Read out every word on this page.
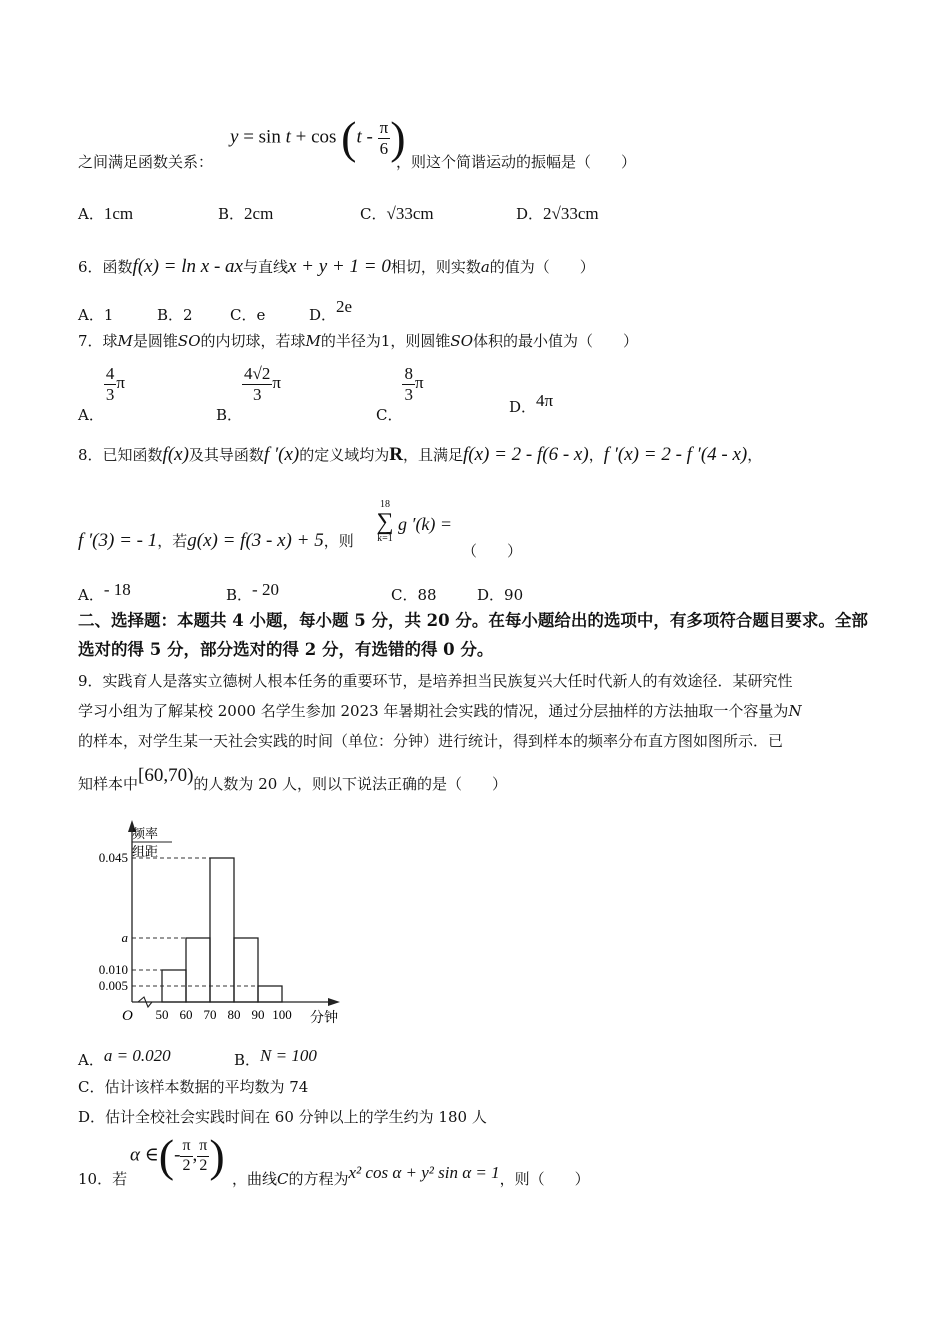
之间满足函数关系：
$y = \sin t + \cos (t - \frac{\pi}{6}$ )
，则这个简谐运动的振幅是（　　）
A．1cm	B．2cm	C．√33cm	D．2√33cm
6．函数f(x) = ln x - ax与直线x + y + 1 = 0相切，则实数a的值为（　　）
A．1	B．2 C．e	D．2e
7．球M是圆锥SO的内切球，若球M的半径为1，则圆锥SO体积的最小值为（　　）
A．
$\frac{4}{3}$ π
B．
$\frac{4√2}{3}$ π
C．
$\frac{8}{3}$ π
D．4π
8．已知函数f(x)及其导函数f ′(x)的定义域均为R，且满足f(x) = 2 - f(6 - x)，f ′(x) = 2 - f ′(4 - x)，
f ′(3) = - 1，若g(x) = f(3 - x) + 5，则
18
∑
k=1
g ′(k) =
（　　）
A．- 18	B．- 20	C．88	D．90
二、选择题：本题共 4 小题，每小题 5 分，共 20 分。在每小题给出的选项中，有多项符合题目要求。全部选对的得 5 分，部分选对的得 2 分，有选错的得 0 分。
9．实践育人是落实立德树人根本任务的重要环节，是培养担当民族复兴大任时代新人的有效途径．某研究性
学习小组为了解某校 2000 名学生参加 2023 年暑期社会实践的情况，通过分层抽样的方法抽取一个容量为N
的样本，对学生某一天社会实践的时间（单位：分钟）进行统计，得到样本的频率分布直方图如图所示．已
知样本中[60,70)的人数为 20 人，则以下说法正确的是（　　）
50 60 70 80 90 100
0.005
0.010
a
0.045
频率
组距
分钟
O
A．a = 0.020	B．N = 100
C．估计该样本数据的平均数为 74
D．估计全校社会实践时间在 60 分钟以上的学生约为 180 人
10．若
α ∈(- $\frac{\pi}{2}$ , $\frac{\pi}{2}$ ) ，曲线C的方程为x² cos α + y² sin α = 1，则（　　）
